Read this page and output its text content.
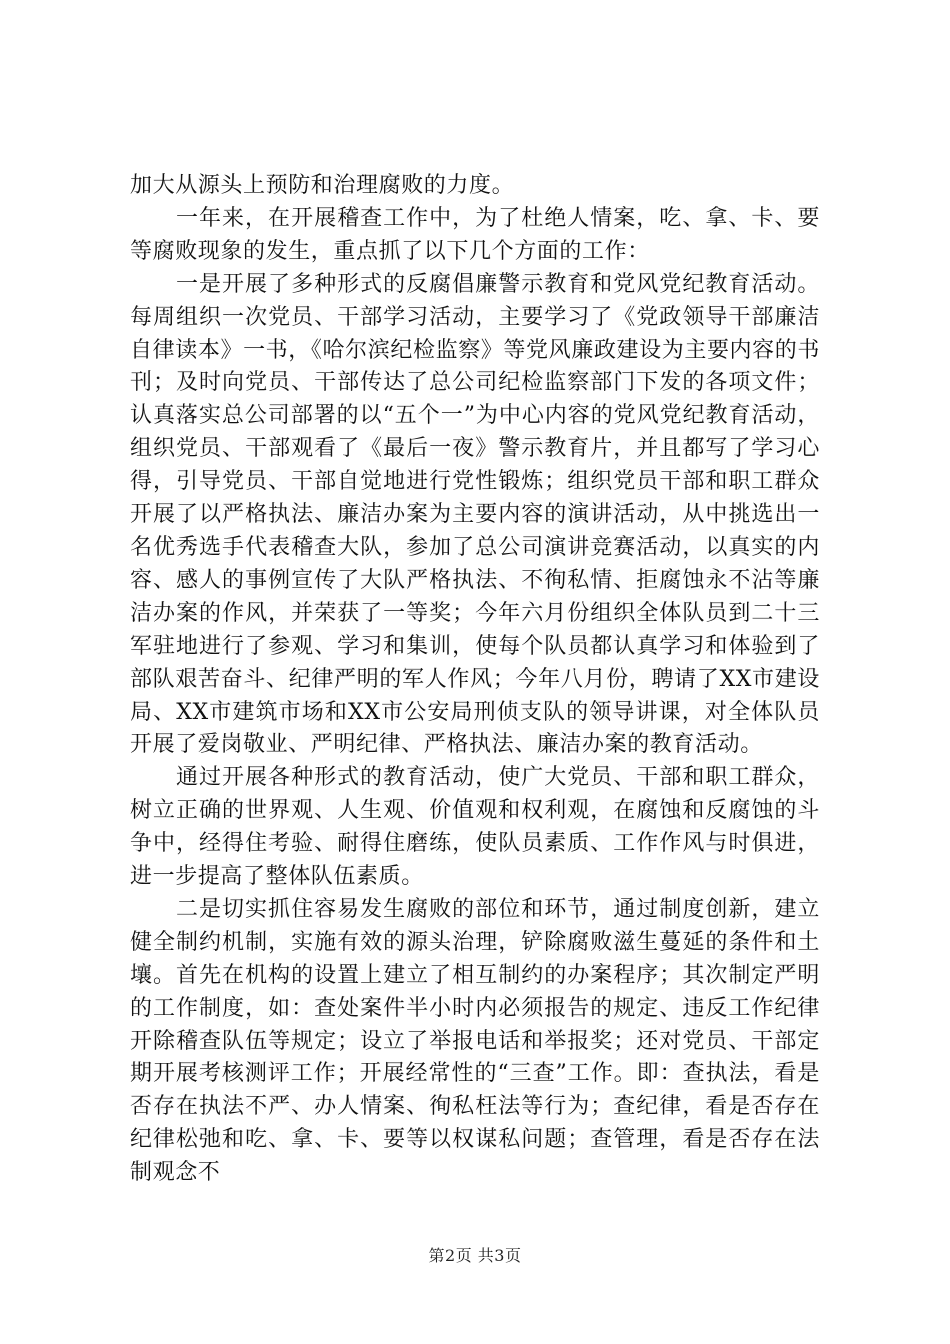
加大从源头上预防和治理腐败的力度。

一年来，在开展稽查工作中，为了杜绝人情案，吃、拿、卡、要等腐败现象的发生，重点抓了以下几个方面的工作：

一是开展了多种形式的反腐倡廉警示教育和党风党纪教育活动。每周组织一次党员、干部学习活动，主要学习了《党政领导干部廉洁自律读本》一书，《哈尔滨纪检监察》等党风廉政建设为主要内容的书刊；及时向党员、干部传达了总公司纪检监察部门下发的各项文件；认真落实总公司部署的以“五个一”为中心内容的党风党纪教育活动，组织党员、干部观看了《最后一夜》警示教育片，并且都写了学习心得，引导党员、干部自觉地进行党性锻炼；组织党员干部和职工群众开展了以严格执法、廉洁办案为主要内容的演讲活动，从中挑选出一名优秀选手代表稽查大队，参加了总公司演讲竞赛活动，以真实的内容、感人的事例宣传了大队严格执法、不徇私情、拒腐蚀永不沾等廉洁办案的作风，并荣获了一等奖；今年六月份组织全体队员到二十三军驻地进行了参观、学习和集训，使每个队员都认真学习和体验到了部队艰苦奋斗、纪律严明的军人作风；今年八月份，聘请了XX市建设局、XX市建筑市场和XX市公安局刑侦支队的领导讲课，对全体队员开展了爱岗敬业、严明纪律、严格执法、廉洁办案的教育活动。

通过开展各种形式的教育活动，使广大党员、干部和职工群众，树立正确的世界观、人生观、价值观和权利观，在腐蚀和反腐蚀的斗争中，经得住考验、耐得住磨练，使队员素质、工作作风与时俱进，进一步提高了整体队伍素质。

二是切实抓住容易发生腐败的部位和环节，通过制度创新，建立健全制约机制，实施有效的源头治理，铲除腐败滋生蔓延的条件和土壤。首先在机构的设置上建立了相互制约的办案程序；其次制定严明的工作制度，如：查处案件半小时内必须报告的规定、违反工作纪律开除稽查队伍等规定；设立了举报电话和举报奖；还对党员、干部定期开展考核测评工作；开展经常性的“三查”工作。即：查执法，看是否存在执法不严、办人情案、徇私枉法等行为；查纪律，看是否存在纪律松弛和吃、拿、卡、要等以权谋私问题；查管理，看是否存在法制观念不

第2页 共3页
